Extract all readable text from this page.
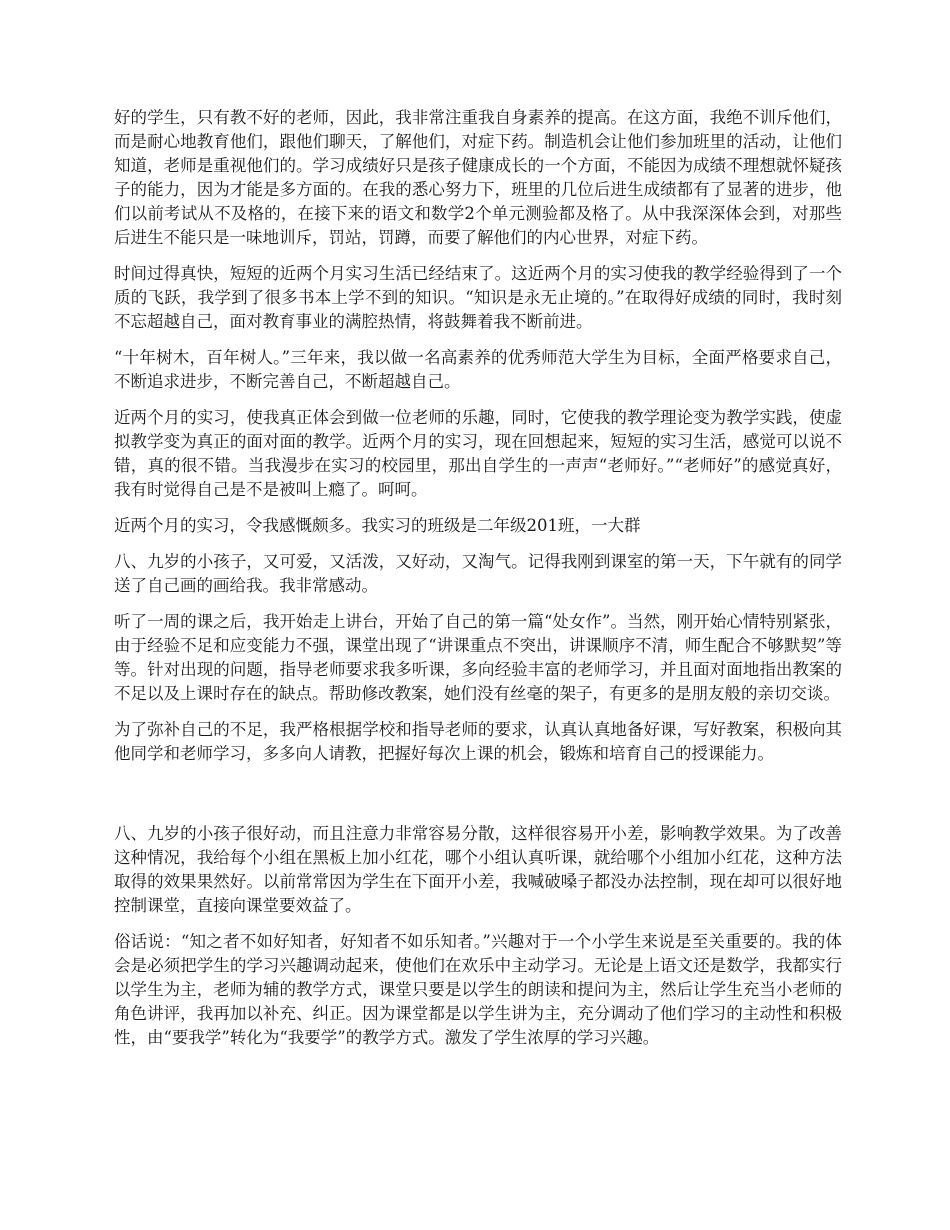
好的学生，只有教不好的老师，因此，我非常注重我自身素养的提高。在这方面，我绝不训斥他们，而是耐心地教育他们，跟他们聊天，了解他们，对症下药。制造机会让他们参加班里的活动，让他们知道，老师是重视他们的。学习成绩好只是孩子健康成长的一个方面，不能因为成绩不理想就怀疑孩子的能力，因为才能是多方面的。在我的悉心努力下，班里的几位后进生成绩都有了显著的进步，他们以前考试从不及格的，在接下来的语文和数学2个单元测验都及格了。从中我深深体会到，对那些后进生不能只是一味地训斥，罚站，罚蹲，而要了解他们的内心世界，对症下药。

时间过得真快，短短的近两个月实习生活已经结束了。这近两个月的实习使我的教学经验得到了一个质的飞跃，我学到了很多书本上学不到的知识。“知识是永无止境的。”在取得好成绩的同时，我时刻不忘超越自己，面对教育事业的满腔热情，将鼓舞着我不断前进。

“十年树木，百年树人。”三年来，我以做一名高素养的优秀师范大学生为目标，全面严格要求自己，不断追求进步，不断完善自己，不断超越自己。

近两个月的实习，使我真正体会到做一位老师的乐趣，同时，它使我的教学理论变为教学实践，使虚拟教学变为真正的面对面的教学。近两个月的实习，现在回想起来，短短的实习生活，感觉可以说不错，真的很不错。当我漫步在实习的校园里，那出自学生的一声声“老师好。”“老师好”的感觉真好，我有时觉得自己是不是被叫上瘾了。呵呵。

近两个月的实习，令我感慨颇多。我实习的班级是二年级201班，一大群

八、九岁的小孩子，又可爱，又活泼，又好动，又淘气。记得我刚到课室的第一天，下午就有的同学送了自己画的画给我。我非常感动。

听了一周的课之后，我开始走上讲台，开始了自己的第一篇“处女作”。当然，刚开始心情特别紧张，由于经验不足和应变能力不强，课堂出现了“讲课重点不突出，讲课顺序不清，师生配合不够默契”等等。针对出现的问题，指导老师要求我多听课，多向经验丰富的老师学习，并且面对面地指出教案的不足以及上课时存在的缺点。帮助修改教案，她们没有丝毫的架子，有更多的是朋友般的亲切交谈。

为了弥补自己的不足，我严格根据学校和指导老师的要求，认真认真地备好课，写好教案，积极向其他同学和老师学习，多多向人请教，把握好每次上课的机会，锻炼和培育自己的授课能力。

八、九岁的小孩子很好动，而且注意力非常容易分散，这样很容易开小差，影响教学效果。为了改善这种情况，我给每个小组在黑板上加小红花，哪个小组认真听课，就给哪个小组加小红花，这种方法取得的效果果然好。以前常常因为学生在下面开小差，我喊破嗓子都没办法控制，现在却可以很好地控制课堂，直接向课堂要效益了。

俗话说：“知之者不如好知者，好知者不如乐知者。”兴趣对于一个小学生来说是至关重要的。我的体会是必须把学生的学习兴趣调动起来，使他们在欢乐中主动学习。无论是上语文还是数学，我都实行以学生为主，老师为辅的教学方式，课堂只要是以学生的朗读和提问为主，然后让学生充当小老师的角色讲评，我再加以补充、纠正。因为课堂都是以学生讲为主，充分调动了他们学习的主动性和积极性，由“要我学”转化为“我要学”的教学方式。激发了学生浓厚的学习兴趣。
